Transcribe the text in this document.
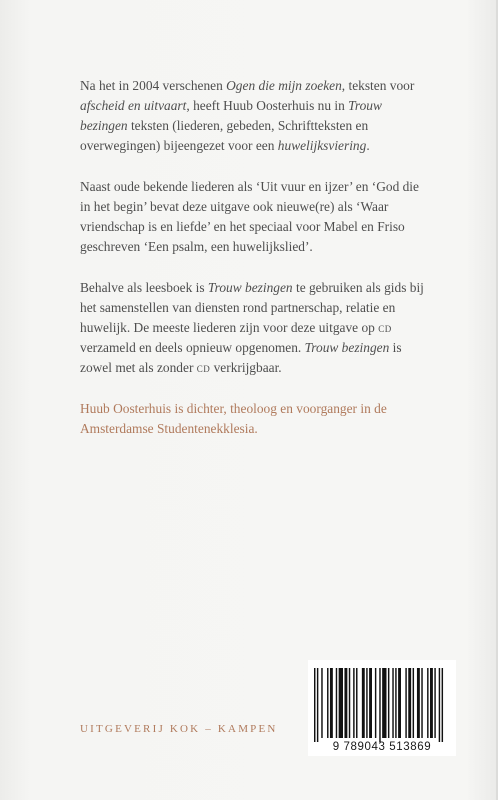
Na het in 2004 verschenen Ogen die mijn zoeken, teksten voor afscheid en uitvaart, heeft Huub Oosterhuis nu in Trouw bezingen teksten (liederen, gebeden, Schriftteksten en overwegingen) bijeengezet voor een huwelijksviering.

Naast oude bekende liederen als ‘Uit vuur en ijzer’ en ‘God die in het begin’ bevat deze uitgave ook nieuwe(re) als ‘Waar vriendschap is en liefde’ en het speciaal voor Mabel en Friso geschreven ‘Een psalm, een huwelijkslied’.

Behalve als leesboek is Trouw bezingen te gebruiken als gids bij het samenstellen van diensten rond partnerschap, relatie en huwelijk. De meeste liederen zijn voor deze uitgave op cd verzameld en deels opnieuw opgenomen. Trouw bezingen is zowel met als zonder cd verkrijgbaar.

Huub Oosterhuis is dichter, theoloog en voorganger in de Amsterdamse Studentenekklesia.

UITGEVERIJ KOK – KAMPEN
9 789043 513869
